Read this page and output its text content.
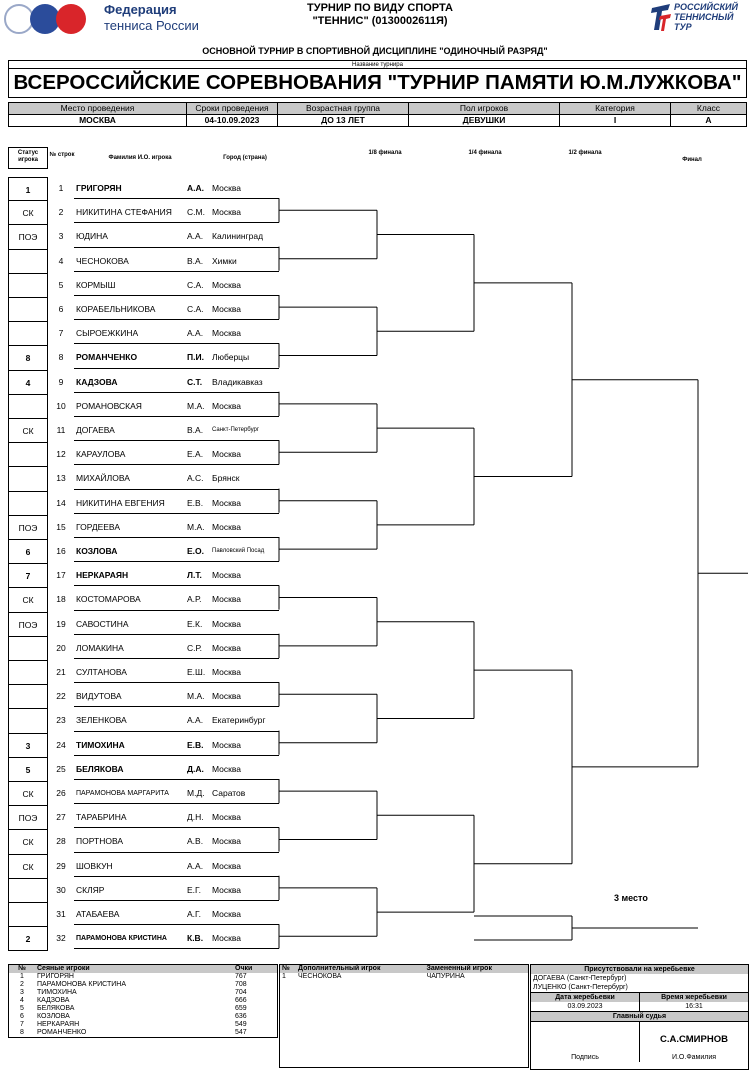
Федерация
тенниса России
ТУРНИР ПО ВИДУ СПОРТА
"ТЕННИС" (0130002611Я)
РОССИЙСКИЙ
ТЕННИСНЫЙ
ТУР
ОСНОВНОЙ ТУРНИР В СПОРТИВНОЙ ДИСЦИПЛИНЕ "ОДИНОЧНЫЙ РАЗРЯД"
Название турнира
ВСЕРОССИЙСКИЕ СОРЕВНОВАНИЯ "ТУРНИР ПАМЯТИ Ю.М.ЛУЖКОВА"
Место проведения	Сроки проведения	Возрастная группа	Пол игроков	Категория	Класс
МОСКВА	04-10.09.2023	ДО 13 ЛЕТ	ДЕВУШКИ	I	А
Статус игрока
№ строк	Фамилия И.О. игрока	Город (страна)
1/8 финала	1/4 финала	1/2 финала
Финал
1	1	ГРИГОРЯН	А.А. Москва
СК	2	НИКИТИНА СТЕФАНИЯ С.М. Москва
ПОЭ	3	ЮДИНА	А.А. Калининград
4	ЧЕСНОКОВА	В.А. Химки
5	КОРМЫШ	С.А. Москва
6	КОРАБЕЛЬНИКОВА	С.А. Москва
7	СЫРОЕЖКИНА	А.А. Москва
8	8	РОМАНЧЕНКО	П.И. Люберцы
4	9	КАДЗОВА	С.Т. Владикавказ
10	РОМАНОВСКАЯ	М.А. Москва
СК	11	ДОГАЕВА	В.А. Санкт-Петербург
12	КАРАУЛОВА	Е.А. Москва
13	МИХАЙЛОВА	А.С. Брянск
14	НИКИТИНА ЕВГЕНИЯ	Е.В. Москва
ПОЭ	15	ГОРДЕЕВА	М.А. Москва
6	16	КОЗЛОВА	Е.О. Павловский Посад
7	17	НЕРКАРАЯН	Л.Т. Москва
СК	18	КОСТОМАРОВА	А.Р. Москва
ПОЭ	19	САВОСТИНА	Е.К. Москва
20	ЛОМАКИНА	С.Р. Москва
21	СУЛТАНОВА	Е.Ш. Москва
22	ВИДУТОВА	М.А. Москва
23	ЗЕЛЕНКОВА	А.А. Екатеринбург
3	24	ТИМОХИНА	Е.В. Москва
5	25	БЕЛЯКОВА	Д.А. Москва
СК	26	ПАРАМОНОВА МАРГАРИТА М.Д. Саратов
ПОЭ	27	ТАРАБРИНА	Д.Н. Москва
СК	28	ПОРТНОВА	А.В. Москва
СК	29	ШОВКУН	А.А. Москва
30	СКЛЯР	Е.Г. Москва
31	АТАБАЕВА	А.Г. Москва
2	32	ПАРАМОНОВА КРИСТИНА К.В. Москва
3 место
№	Сеяные игроки	Очки
1	ГРИГОРЯН	767
2	ПАРАМОНОВА КРИСТИНА	708
3	ТИМОХИНА	704
4	КАДЗОВА	666
5	БЕЛЯКОВА	659
6	КОЗЛОВА	636
7	НЕРКАРАЯН	549
8	РОМАНЧЕНКО	547
№	Дополнительный игрок	Замененный игрок
1	ЧЕСНОКОВА	ЧАПУРИНА

Присутствовали на жеребьевке
ДОГАЕВА (Санкт-Петербург)
ЛУЦЕНКО (Санкт-Петербург)
Дата жеребьевки	Время жеребьевки
03.09.2023	16:31
Главный судья
Подпись
С.А.СМИРНОВ
И.О.Фамилия
